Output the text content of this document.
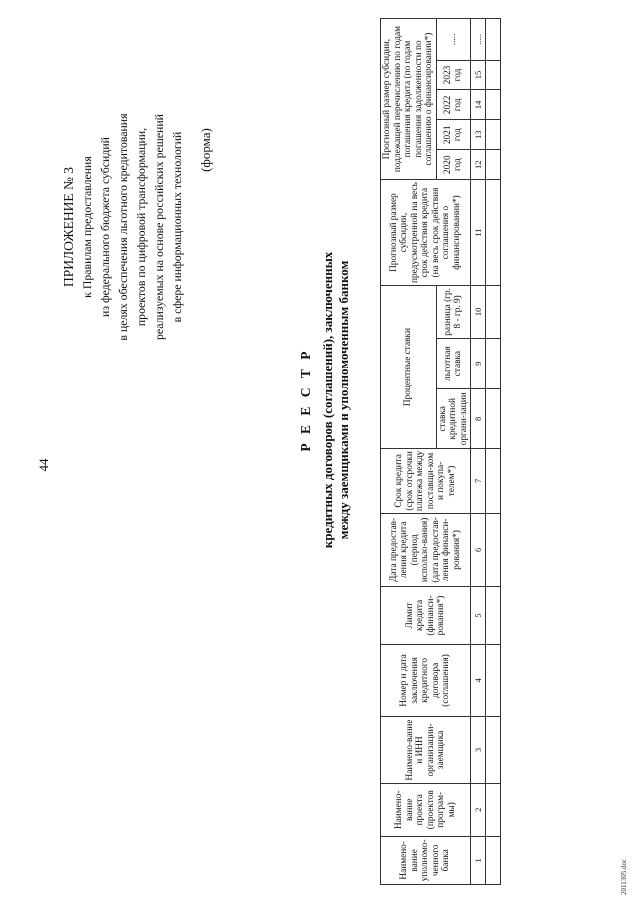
44
ПРИЛОЖЕНИЕ № 3 к Правилам предоставления из федерального бюджета субсидий в целях обеспечения льготного кредитования проектов по цифровой трансформации, реализуемых на основе российских решений в сфере информационных технологий (форма)
Р Е Е С Т Р кредитных договоров (соглашений), заключенных между заемщиками и уполномоченным банком
Наимено-вание уполномо-ченного банка	Наимено-вание проекта (проектов програм-мы)	Наимено-вание и ИНН организации-заемщика	Номер и дата заключения кредитного договора (соглашения)	Лимит кредита (финанси-рования*)	Дата предостав-ления кредита (период использо-вания) (дата предостав-ления финанси-рования*)	Срок кредита (срок отсрочки платежа между поставщи-ком и покупа-телем*)	Процентные ставки			Прогнозный размер субсидии, предусмотренной на весь срок действия кредита (на весь срок действия соглашения о финансировании*)	Прогнозный размер субсидии, подлежащей перечислению по годам погашения кредита (по годам погашения задолженности по соглашению о финансировании*)				
							ставка кредитной органи-зации	льготная ставка	разница (гр. 8 - гр. 9)		2020 год	2021 год	2022 год	2023 год	.....
1	2	3	4	5	6	7	8	9	10	11	12	13	14	15	.....

2011305.doc
